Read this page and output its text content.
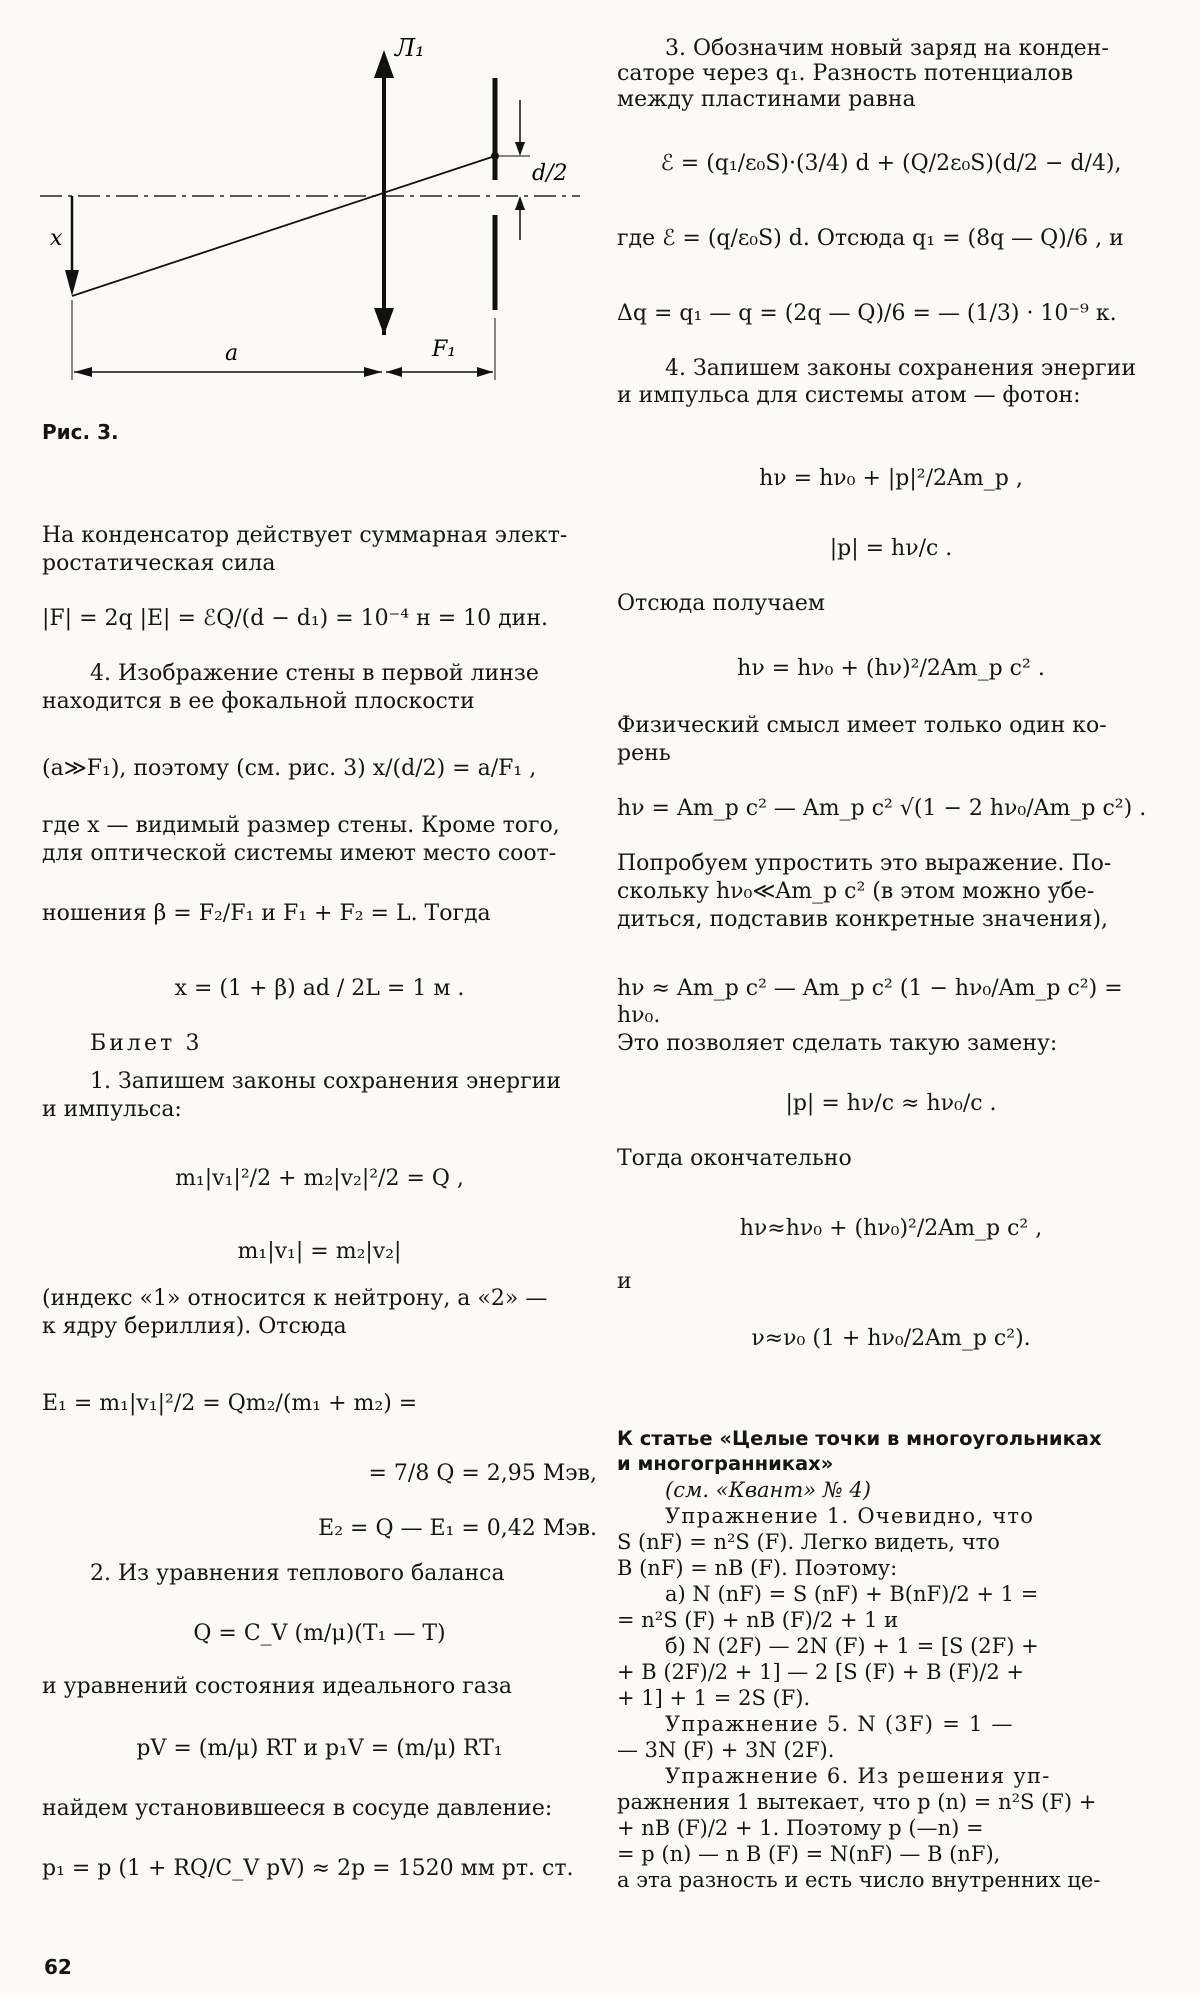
Л₁
x
d/2
a	F₁
Рис. 3.

На конденсатор действует суммарная элект-

ростатическая сила

|F| = 2q |E| = ℰQ/(d − d₁) = 10⁻⁴ н = 10 дин.

4. Изображение стены в первой линзе

находится в ее фокальной плоскости

(a≫F₁), поэтому (см. рис. 3) x/(d/2) = a/F₁ ,

где x — видимый размер стены. Кроме того,

для оптической системы имеют место соот-

ношения β = F₂/F₁ и F₁ + F₂ = L. Тогда

x = (1 + β) ad / 2L = 1 м .

Билет 3

1. Запишем законы сохранения энергии

и импульса:

m₁|v₁|²/2 + m₂|v₂|²/2 = Q ,

m₁|v₁| = m₂|v₂|

(индекс «1» относится к нейтрону, а «2» —

к ядру бериллия). Отсюда

E₁ = m₁|v₁|²/2 = Qm₂/(m₁ + m₂) =

= 7/8 Q = 2,95 Мэв,

E₂ = Q — E₁ = 0,42 Мэв.

2. Из уравнения теплового баланса

Q = C_V (m/μ)(T₁ — T)

и уравнений состояния идеального газа

pV = (m/μ) RT и p₁V = (m/μ) RT₁

найдем установившееся в сосуде давление:

p₁ = p (1 + RQ/C_V pV) ≈ 2p = 1520 мм рт. ст.

3. Обозначим новый заряд на конден-

саторе через q₁. Разность потенциалов

между пластинами равна

ℰ = (q₁/ε₀S)·(3/4) d + (Q/2ε₀S)(d/2 − d/4),

где ℰ = (q/ε₀S) d. Отсюда q₁ = (8q — Q)/6 , и

Δq = q₁ — q = (2q — Q)/6 = — (1/3) · 10⁻⁹ к.

4. Запишем законы сохранения энергии

и импульса для системы атом — фотон:

hν = hν₀ + |p|²/2Am_p ,

|p| = hν/c .

Отсюда получаем

hν = hν₀ + (hν)²/2Am_p c² .

Физический смысл имеет только один ко-

рень

hν = Am_p c² — Am_p c² √(1 − 2 hν₀/Am_p c²) .

Попробуем упростить это выражение. По-

скольку hν₀≪Am_p c² (в этом можно убе-

диться, подставив конкретные значения),

hν ≈ Am_p c² — Am_p c² (1 − hν₀/Am_p c²) = hν₀.

Это позволяет сделать такую замену:

|p| = hν/c ≈ hν₀/c .

Тогда окончательно

hν≈hν₀ + (hν₀)²/2Am_p c² ,

и

ν≈ν₀ (1 + hν₀/2Am_p c²).

К статье «Целые точки в многоугольниках

и многогранниках»

(см. «Квант» № 4)

Упражнение 1. Очевидно, что

S (nF) = n²S (F). Легко видеть, что

B (nF) = nB (F). Поэтому:

а) N (nF) = S (nF) + B(nF)/2 + 1 =

= n²S (F) + nB (F)/2 + 1 и

б) N (2F) — 2N (F) + 1 = [S (2F) +

+ B (2F)/2 + 1] — 2 [S (F) + B (F)/2 +

+ 1] + 1 = 2S (F).

Упражнение 5. N (3F) = 1 —

— 3N (F) + 3N (2F).

Упражнение 6. Из решения уп-

ражнения 1 вытекает, что p (n) = n²S (F) +

+ nB (F)/2 + 1. Поэтому p (—n) =

= p (n) — n B (F) = N(nF) — B (nF),

а эта разность и есть число внутренних це-

62
